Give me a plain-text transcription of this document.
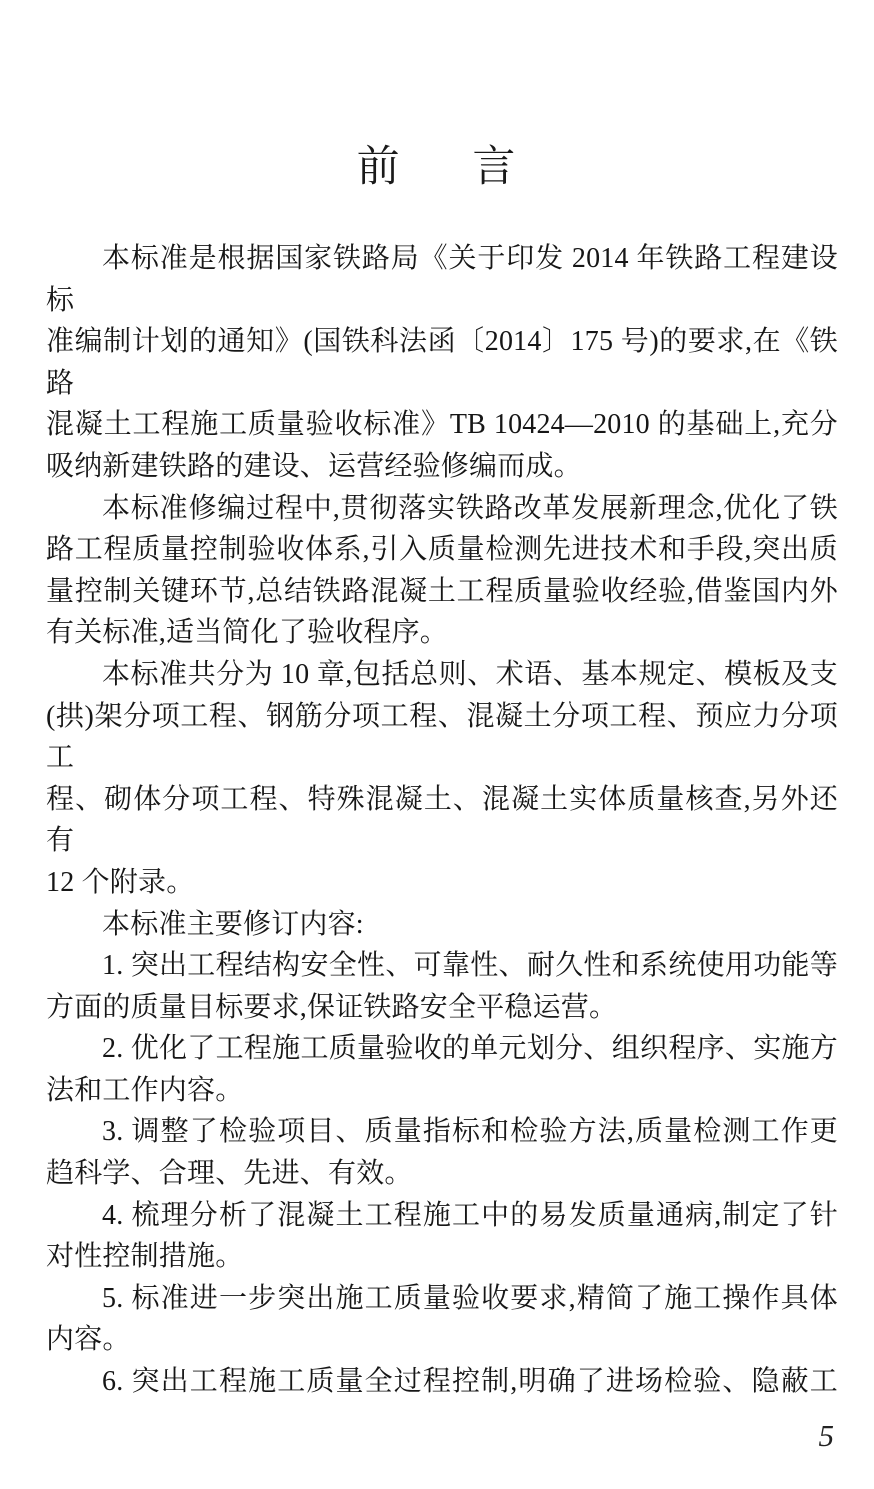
前 言
本标准是根据国家铁路局《关于印发 2014 年铁路工程建设标
准编制计划的通知》(国铁科法函〔2014〕175 号)的要求,在《铁路
混凝土工程施工质量验收标准》TB 10424—2010 的基础上,充分
吸纳新建铁路的建设、运营经验修编而成。
本标准修编过程中,贯彻落实铁路改革发展新理念,优化了铁
路工程质量控制验收体系,引入质量检测先进技术和手段,突出质
量控制关键环节,总结铁路混凝土工程质量验收经验,借鉴国内外
有关标准,适当简化了验收程序。
本标准共分为 10 章,包括总则、术语、基本规定、模板及支
(拱)架分项工程、钢筋分项工程、混凝土分项工程、预应力分项工
程、砌体分项工程、特殊混凝土、混凝土实体质量核查,另外还有
12 个附录。
本标准主要修订内容:
1. 突出工程结构安全性、可靠性、耐久性和系统使用功能等
方面的质量目标要求,保证铁路安全平稳运营。
2. 优化了工程施工质量验收的单元划分、组织程序、实施方
法和工作内容。
3. 调整了检验项目、质量指标和检验方法,质量检测工作更
趋科学、合理、先进、有效。
4. 梳理分析了混凝土工程施工中的易发质量通病,制定了针
对性控制措施。
5. 标准进一步突出施工质量验收要求,精简了施工操作具体
内容。
6. 突出工程施工质量全过程控制,明确了进场检验、隐蔽工
5
